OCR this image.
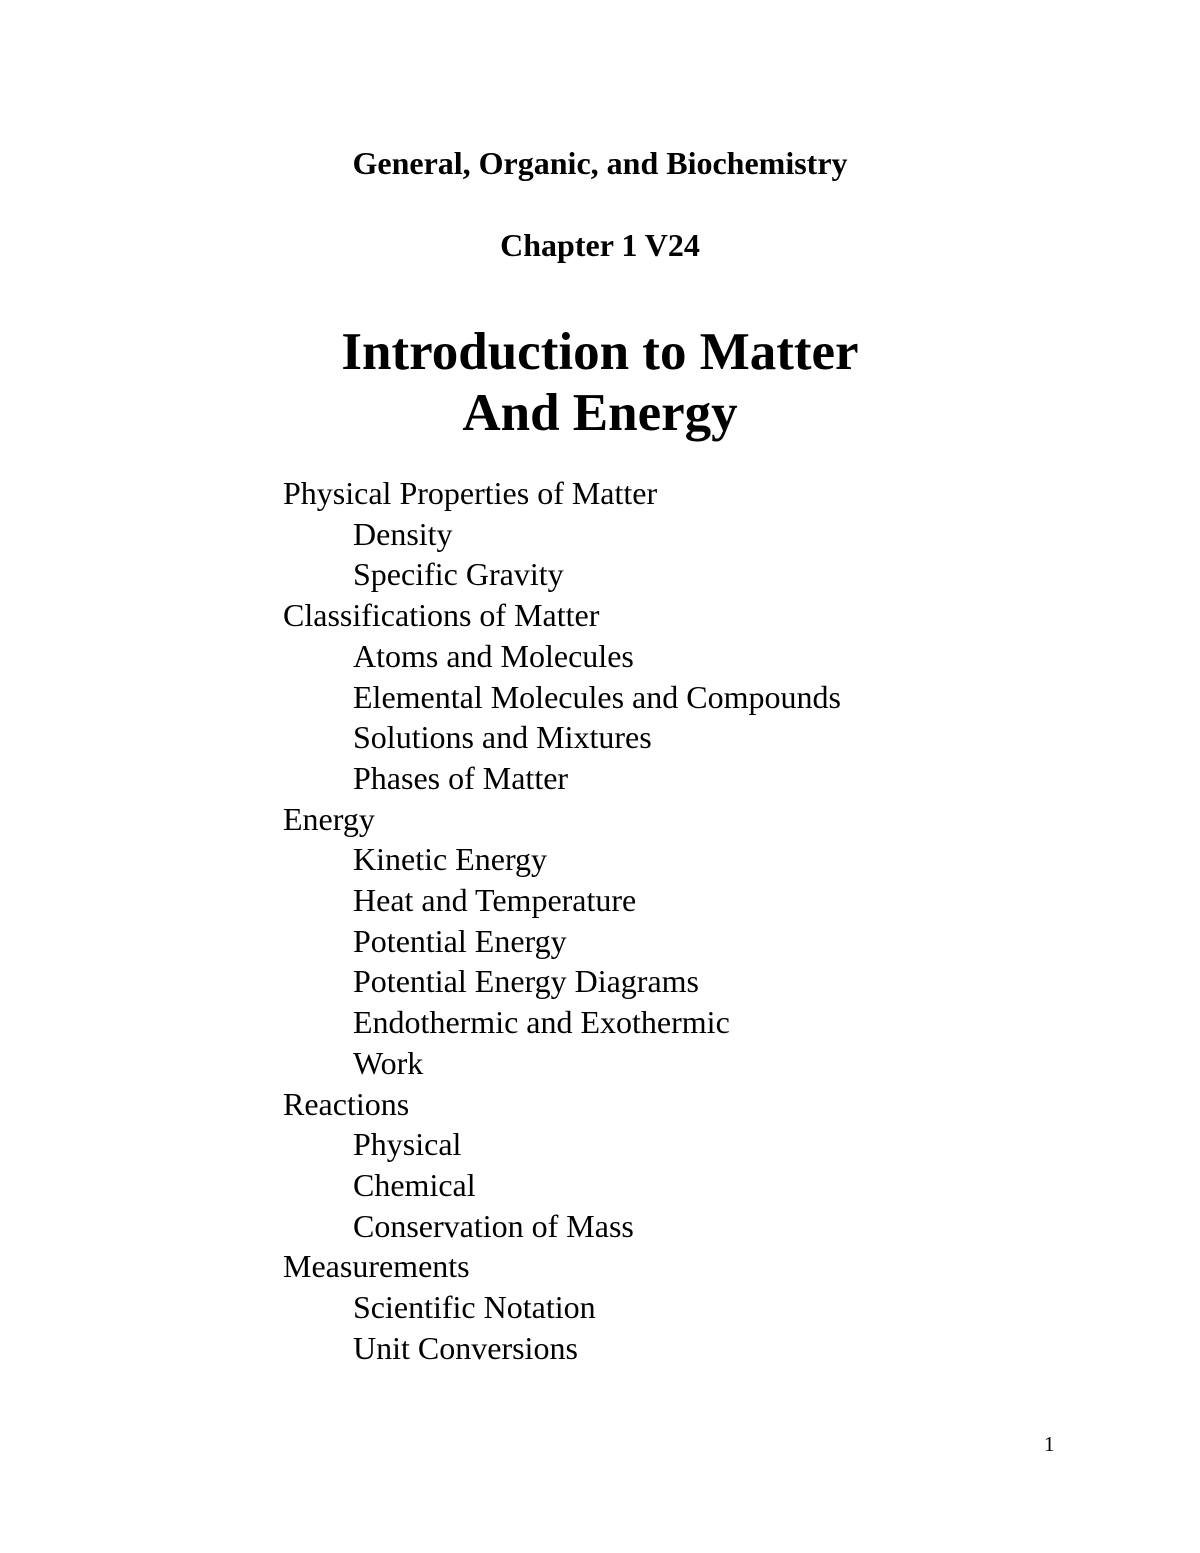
General, Organic, and Biochemistry

Chapter 1 V24

Introduction to Matter
And Energy
Physical Properties of Matter
Density
Specific Gravity
Classifications of Matter
Atoms and Molecules
Elemental Molecules and Compounds
Solutions and Mixtures
Phases of Matter
Energy
Kinetic Energy
Heat and Temperature
Potential Energy
Potential Energy Diagrams
Endothermic and Exothermic
Work
Reactions
Physical
Chemical
Conservation of Mass
Measurements
Scientific Notation
Unit Conversions
1
